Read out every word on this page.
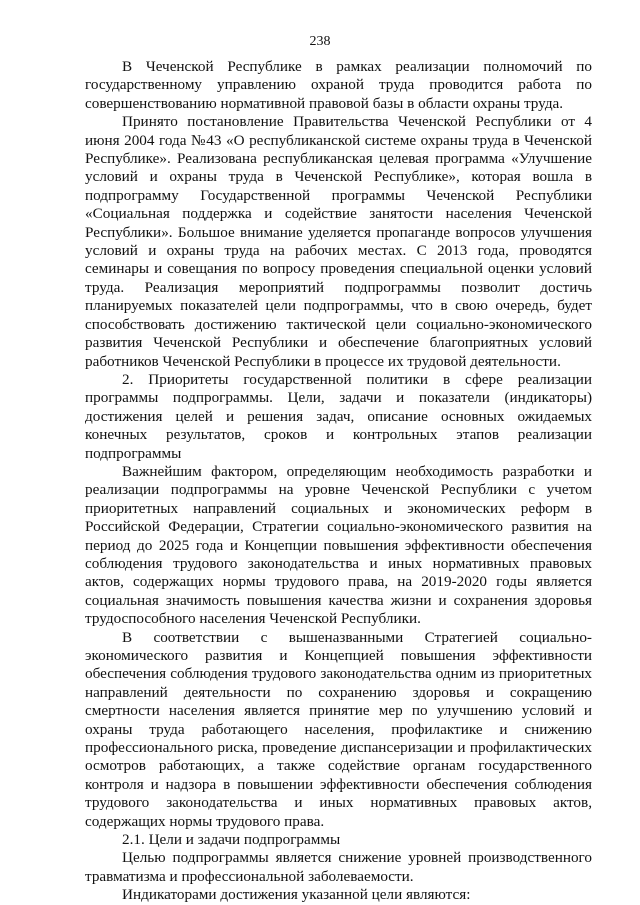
238

В Чеченской Республике в рамках реализации полномочий по государственному управлению охраной труда проводится работа по совершенствованию нормативной правовой базы в области охраны труда.

Принято постановление Правительства Чеченской Республики от 4 июня 2004 года №43 «О республиканской системе охраны труда в Чеченской Республике». Реализована республиканская целевая программа «Улучшение условий и охраны труда в Чеченской Республике», которая вошла в подпрограмму Государственной программы Чеченской Республики «Социальная поддержка и содействие занятости населения Чеченской Республики». Большое внимание уделяется пропаганде вопросов улучшения условий и охраны труда на рабочих местах. С 2013 года, проводятся семинары и совещания по вопросу проведения специальной оценки условий труда. Реализация мероприятий подпрограммы позволит достичь планируемых показателей цели подпрограммы, что в свою очередь, будет способствовать достижению тактической цели социально-экономического развития Чеченской Республики и обеспечение благоприятных условий работников Чеченской Республики в процессе их трудовой деятельности.

2. Приоритеты государственной политики в сфере реализации программы подпрограммы. Цели, задачи и показатели (индикаторы) достижения целей и решения задач, описание основных ожидаемых конечных результатов, сроков и контрольных этапов реализации подпрограммы

Важнейшим фактором, определяющим необходимость разработки и реализации подпрограммы на уровне Чеченской Республики с учетом приоритетных направлений социальных и экономических реформ в Российской Федерации, Стратегии социально-экономического развития на период до 2025 года и Концепции повышения эффективности обеспечения соблюдения трудового законодательства и иных нормативных правовых актов, содержащих нормы трудового права, на 2019-2020 годы является социальная значимость повышения качества жизни и сохранения здоровья трудоспособного населения Чеченской Республики.

В соответствии с вышеназванными Стратегией социально-экономического развития и Концепцией повышения эффективности обеспечения соблюдения трудового законодательства одним из приоритетных направлений деятельности по сохранению здоровья и сокращению смертности населения является принятие мер по улучшению условий и охраны труда работающего населения, профилактике и снижению профессионального риска, проведение диспансеризации и профилактических осмотров работающих, а также содействие органам государственного контроля и надзора в повышении эффективности обеспечения соблюдения трудового законодательства и иных нормативных правовых актов, содержащих нормы трудового права.

2.1. Цели и задачи подпрограммы

Целью подпрограммы является снижение уровней производственного травматизма и профессиональной заболеваемости.

Индикаторами достижения указанной цели являются:
